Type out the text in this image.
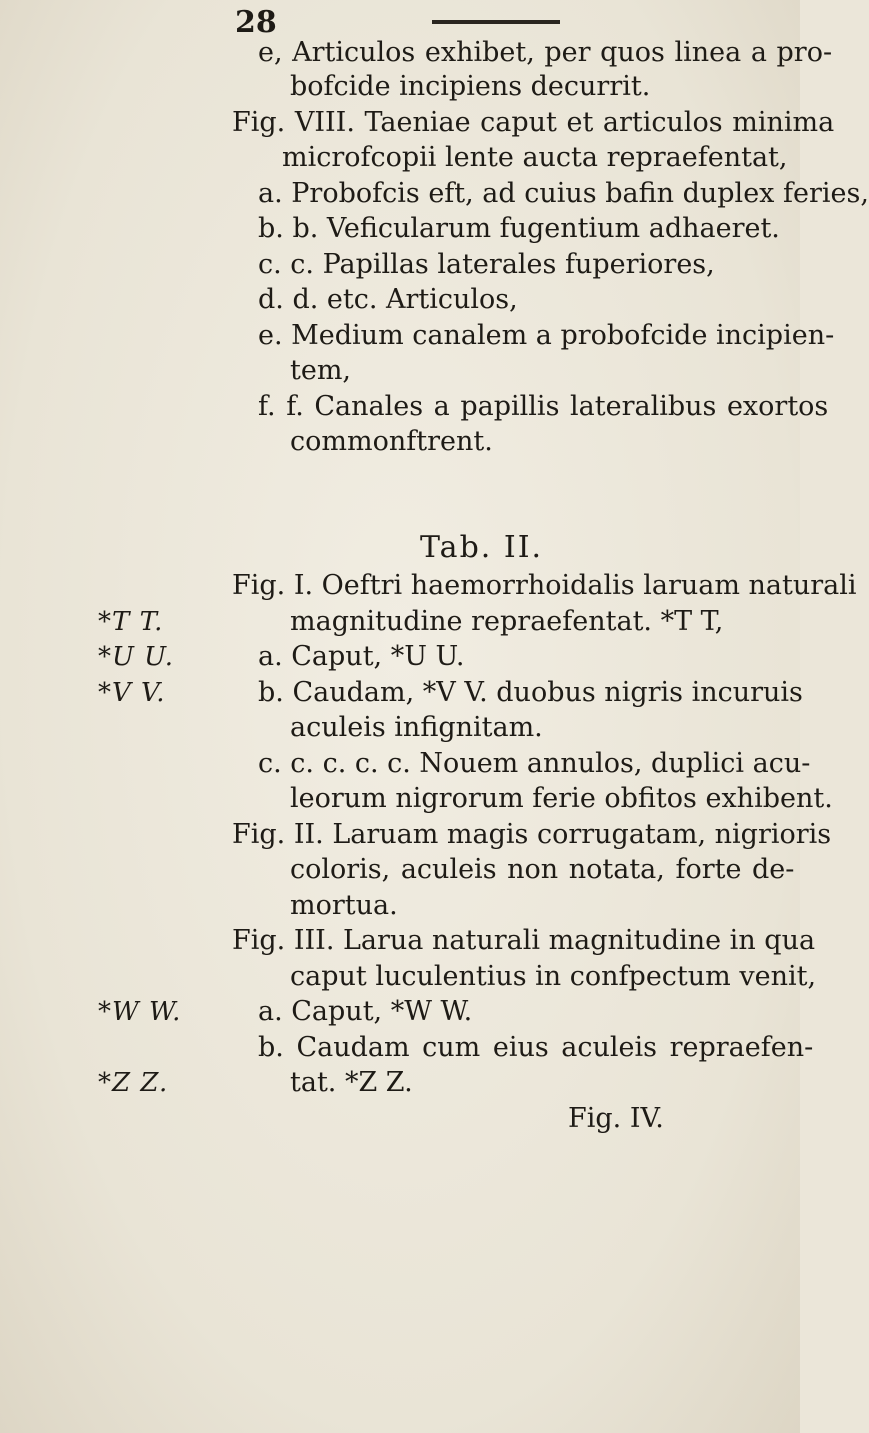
28
e, Articulos exhibet, per quos linea a pro-
bofcide incipiens decurrit.
Fig. VIII. Taeniae caput et articulos minima
microfcopii lente aucta repraefentat,
a. Probofcis eft, ad cuius bafin duplex feries,
b. b. Veficularum fugentium adhaeret.
c. c. Papillas laterales fuperiores,
d. d. etc. Articulos,
e. Medium canalem a probofcide incipien-
tem,
f. f. Canales a papillis lateralibus exortos
commonftrent.
Tab. II.
Fig. I. Oeftri haemorrhoidalis laruam naturali
*T T.	magnitudine repraefentat. *T T,
*U U.	a. Caput, *U U.
*V V.	b. Caudam, *V V. duobus nigris incuruis
aculeis infignitam.
c. c. c. c. c. Nouem annulos, duplici acu-
leorum nigrorum ferie obfitos exhibent.
Fig. II. Laruam magis corrugatam, nigrioris
coloris, aculeis non notata, forte de-
mortua.
Fig. III. Larua naturali magnitudine in qua
caput luculentius in confpectum venit,
*W W.	a. Caput, *W W.
b. Caudam cum eius aculeis repraefen-
*Z Z.	tat. *Z Z.
Fig. IV.
